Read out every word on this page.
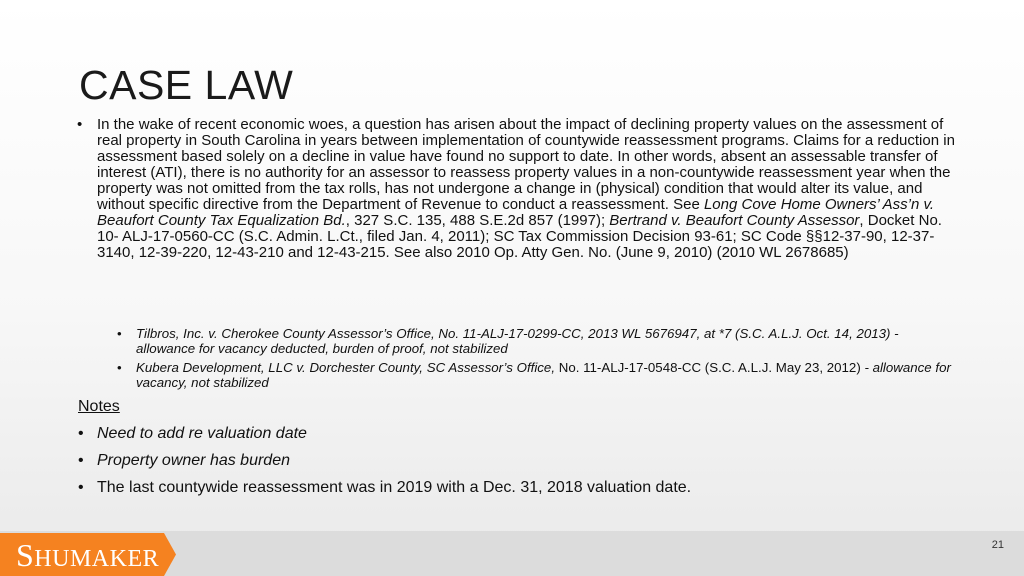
CASE LAW
• In the wake of recent economic woes, a question has arisen about the impact of declining property values on the assessment of real property in South Carolina in years between implementation of countywide reassessment programs. Claims for a reduction in assessment based solely on a decline in value have found no support to date. In other words, absent an assessable transfer of interest (ATI), there is no authority for an assessor to reassess property values in a non-countywide reassessment year when the property was not omitted from the tax rolls, has not undergone a change in (physical) condition that would alter its value, and without specific directive from the Department of Revenue to conduct a reassessment. See Long Cove Home Owners’ Ass’n v. Beaufort County Tax Equalization Bd., 327 S.C. 135, 488 S.E.2d 857 (1997); Bertrand v. Beaufort County Assessor, Docket No. 10- ALJ-17-0560-CC (S.C. Admin. L.Ct., filed Jan. 4, 2011); SC Tax Commission Decision 93-61; SC Code §§12-37-90, 12-37-3140, 12-39-220, 12-43-210 and 12-43-215. See also 2010 Op. Atty Gen. No. (June 9, 2010) (2010 WL 2678685)
• Tilbros, Inc. v. Cherokee County Assessor’s Office, No. 11-ALJ-17-0299-CC, 2013 WL 5676947, at *7 (S.C. A.L.J. Oct. 14, 2013) - allowance for vacancy deducted, burden of proof, not stabilized
• Kubera Development, LLC v. Dorchester County, SC Assessor’s Office, No. 11-ALJ-17-0548-CC (S.C. A.L.J. May 23, 2012) - allowance for vacancy, not stabilized
Notes
• Need to add re valuation date
• Property owner has burden
• The last countywide reassessment was in 2019 with a Dec. 31, 2018 valuation date.
SHUMAKER
21
